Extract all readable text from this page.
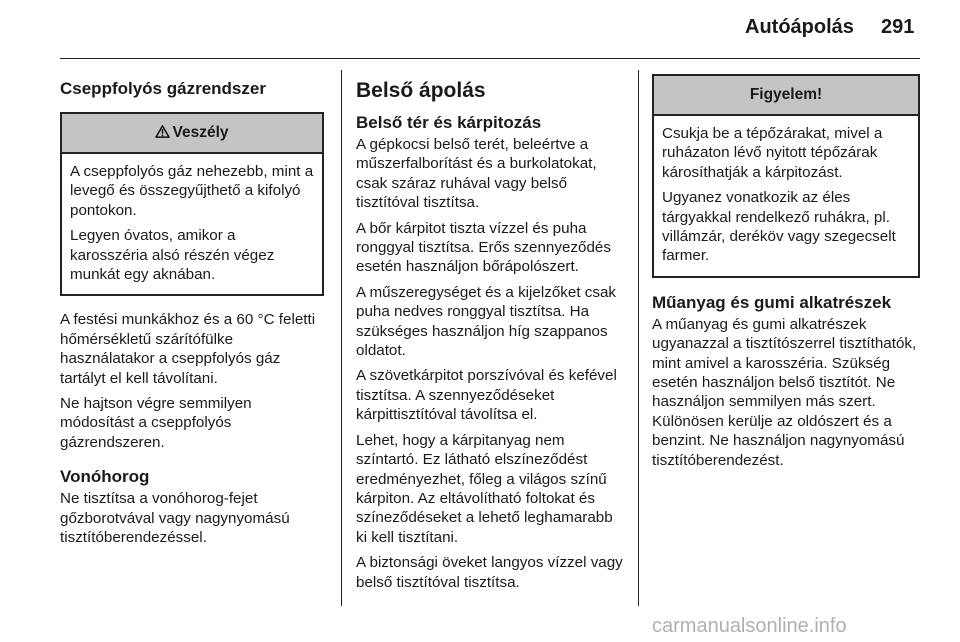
Autóápolás 291
Cseppfolyós gázrendszer
Veszély

A cseppfolyós gáz nehezebb, mint a levegő és összegyűjthető a kifolyó pontokon.

Legyen óvatos, amikor a karosszéria alsó részén végez munkát egy aknában.

A festési munkákhoz és a 60 °C feletti hőmérsékletű szárítófülke használatakor a cseppfolyós gáz tartályt el kell távolítani.

Ne hajtson végre semmilyen módosítást a cseppfolyós gázrendszeren.

Vonóhorog

Ne tisztítsa a vonóhorog-fejet gőzborotvával vagy nagynyomású tisztítóberendezéssel.

Belső ápolás
Belső tér és kárpitozás

A gépkocsi belső terét, beleértve a műszerfalborítást és a burkolatokat, csak száraz ruhával vagy belső tisztítóval tisztítsa.

A bőr kárpitot tiszta vízzel és puha ronggyal tisztítsa. Erős szennyeződés esetén használjon bőrápolószert.

A műszeregységet és a kijelzőket csak puha nedves ronggyal tisztítsa. Ha szükséges használjon híg szappanos oldatot.

A szövetkárpitot porszívóval és kefével tisztítsa. A szennyeződéseket kárpittisztítóval távolítsa el.

Lehet, hogy a kárpitanyag nem színtartó. Ez látható elszíneződést eredményezhet, főleg a világos színű kárpiton. Az eltávolítható foltokat és színeződéseket a lehető leghamarabb ki kell tisztítani.

A biztonsági öveket langyos vízzel vagy belső tisztítóval tisztítsa.

Figyelem!

Csukja be a tépőzárakat, mivel a ruházaton lévő nyitott tépőzárak károsíthatják a kárpitozást.

Ugyanez vonatkozik az éles tárgyakkal rendelkező ruhákra, pl. villámzár, deréköv vagy szegecselt farmer.

Műanyag és gumi alkatrészek

A műanyag és gumi alkatrészek ugyanazzal a tisztítószerrel tisztíthatók, mint amivel a karosszéria. Szükség esetén használjon belső tisztítót. Ne használjon semmilyen más szert. Különösen kerülje az oldószert és a benzint. Ne használjon nagynyomású tisztítóberendezést.

carmanualsonline.info
